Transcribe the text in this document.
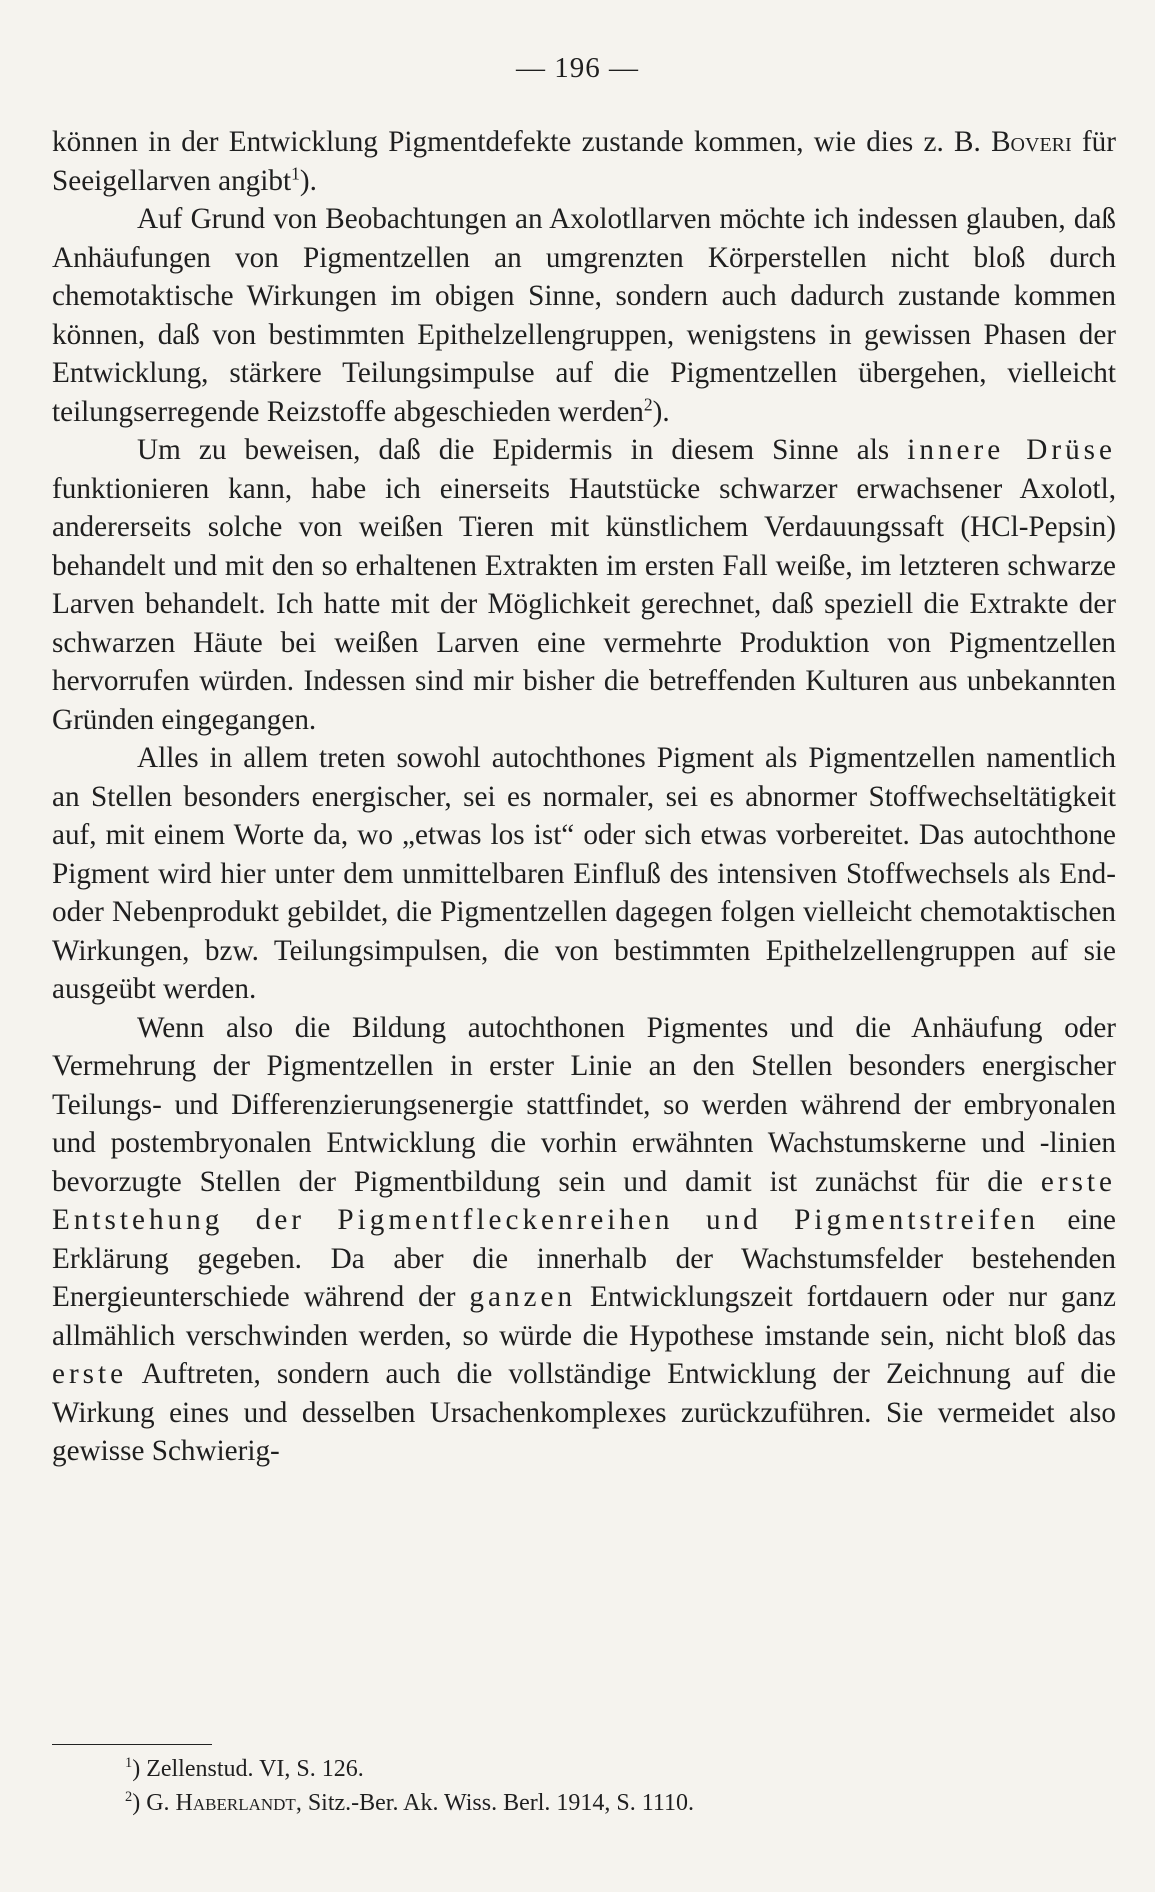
— 196 —

können in der Entwicklung Pigmentdefekte zustande kommen, wie dies z. B. Boveri für Seeigellarven angibt$^1$).

Auf Grund von Beobachtungen an Axolotllarven möchte ich indessen glauben, daß Anhäufungen von Pigmentzellen an umgrenzten Körperstellen nicht bloß durch chemotaktische Wirkungen im obigen Sinne, sondern auch dadurch zustande kommen können, daß von bestimmten Epithelzellengruppen, wenigstens in gewissen Phasen der Entwicklung, stärkere Teilungsimpulse auf die Pigmentzellen übergehen, vielleicht teilungserregende Reizstoffe abgeschieden werden$^2$).

Um zu beweisen, daß die Epidermis in diesem Sinne als innere Drüse funktionieren kann, habe ich einerseits Hautstücke schwarzer erwachsener Axolotl, andererseits solche von weißen Tieren mit künstlichem Verdauungssaft (HCl-Pepsin) behandelt und mit den so erhaltenen Extrakten im ersten Fall weiße, im letzteren schwarze Larven behandelt. Ich hatte mit der Möglichkeit gerechnet, daß speziell die Extrakte der schwarzen Häute bei weißen Larven eine vermehrte Produktion von Pigmentzellen hervorrufen würden. Indessen sind mir bisher die betreffenden Kulturen aus unbekannten Gründen eingegangen.

Alles in allem treten sowohl autochthones Pigment als Pigmentzellen namentlich an Stellen besonders energischer, sei es normaler, sei es abnormer Stoffwechseltätigkeit auf, mit einem Worte da, wo „etwas los ist“ oder sich etwas vorbereitet. Das autochthone Pigment wird hier unter dem unmittelbaren Einfluß des intensiven Stoffwechsels als End- oder Nebenprodukt gebildet, die Pigmentzellen dagegen folgen vielleicht chemotaktischen Wirkungen, bzw. Teilungsimpulsen, die von bestimmten Epithelzellengruppen auf sie ausgeübt werden.

Wenn also die Bildung autochthonen Pigmentes und die Anhäufung oder Vermehrung der Pigmentzellen in erster Linie an den Stellen besonders energischer Teilungs- und Differenzierungsenergie stattfindet, so werden während der embryonalen und postembryonalen Entwicklung die vorhin erwähnten Wachstumskerne und -linien bevorzugte Stellen der Pigmentbildung sein und damit ist zunächst für die erste Entstehung der Pigmentfleckenreihen und Pigmentstreifen eine Erklärung gegeben. Da aber die innerhalb der Wachstumsfelder bestehenden Energieunterschiede während der ganzen Entwicklungszeit fortdauern oder nur ganz allmählich verschwinden werden, so würde die Hypothese imstande sein, nicht bloß das erste Auftreten, sondern auch die vollständige Entwicklung der Zeichnung auf die Wirkung eines und desselben Ursachenkomplexes zurückzuführen. Sie vermeidet also gewisse Schwierig-

$^1$) Zellenstud. VI, S. 126.

$^2$) G. Haberlandt, Sitz.-Ber. Ak. Wiss. Berl. 1914, S. 1110.
